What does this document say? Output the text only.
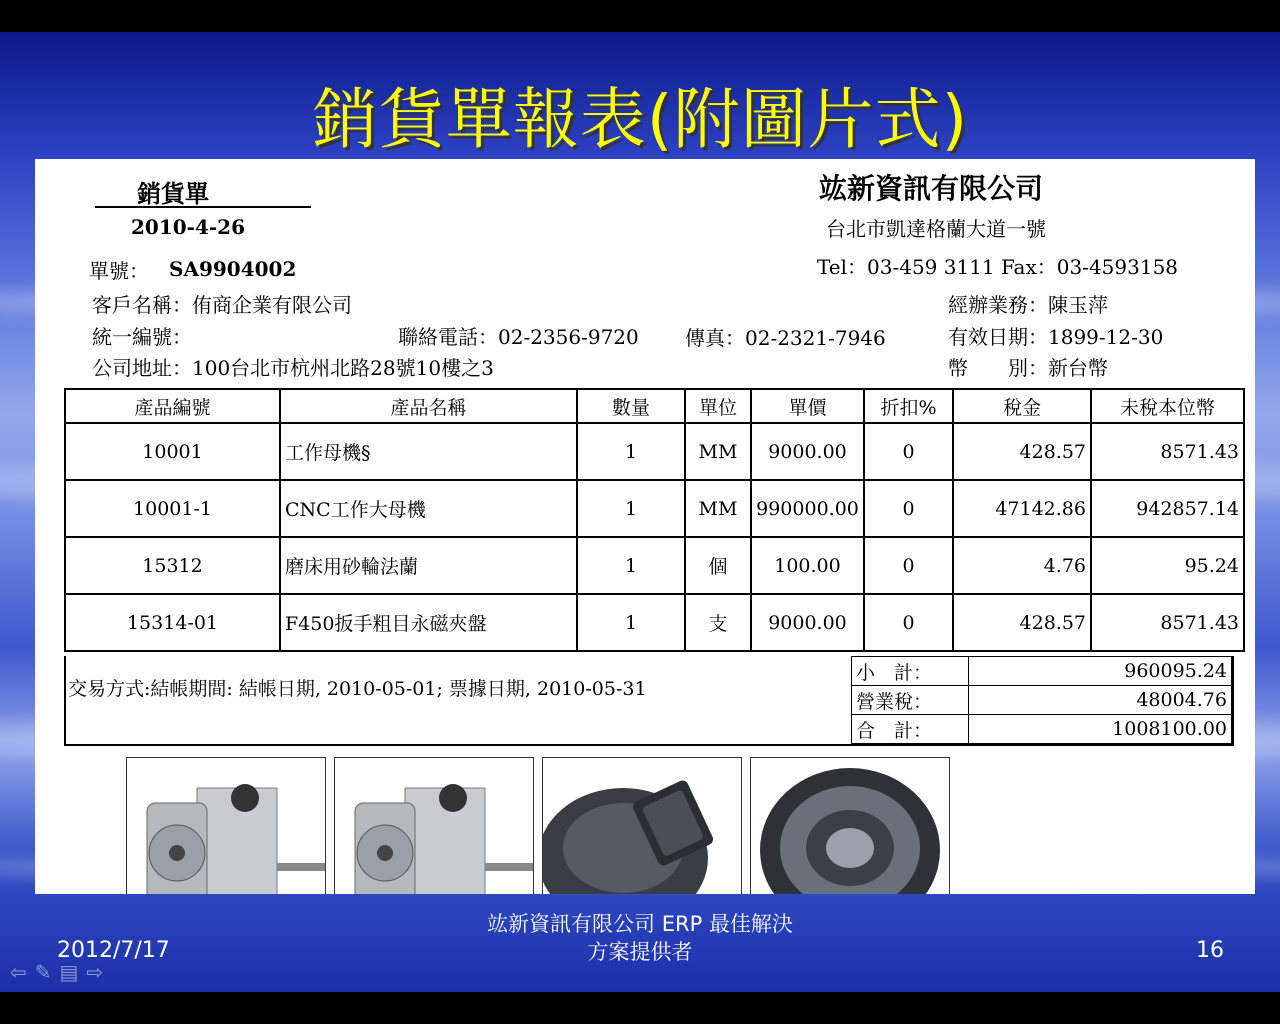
銷貨單報表(附圖片式)
銷貨單
2010-4-26
單號： SA9904002
竑新資訊有限公司
台北市凱達格蘭大道一號
Tel：03-459 3111 Fax：03-4593158
客戶名稱：侑商企業有限公司
統一編號：	聯絡電話：02-2356-9720 傳真：02-2321-7946
公司地址：100台北市杭州北路28號10樓之3
經辦業務：陳玉萍
有效日期：1899-12-30
幣　　別：新台幣
產品編號	產品名稱	數量	單位	單價	折扣%	稅金	未稅本位幣
10001	工作母機§	1	MM	9000.00	0	428.57	8571.43
10001-1	CNC工作大母機	1	MM	990000.00	0	47142.86	942857.14
15312	磨床用砂輪法蘭	1	個	100.00	0	4.76	95.24
15314-01	F450扳手粗目永磁夾盤	1	支	9000.00	0	428.57	8571.43
交易方式:結帳期間: 結帳日期, 2010-05-01; 票據日期, 2010-05-31
小　計：	960095.24
營業稅：	48004.76
合　計：	1008100.00
2012/7/17
竑新資訊有限公司 ERP 最佳解決
方案提供者	16
⇦✎▤⇨
